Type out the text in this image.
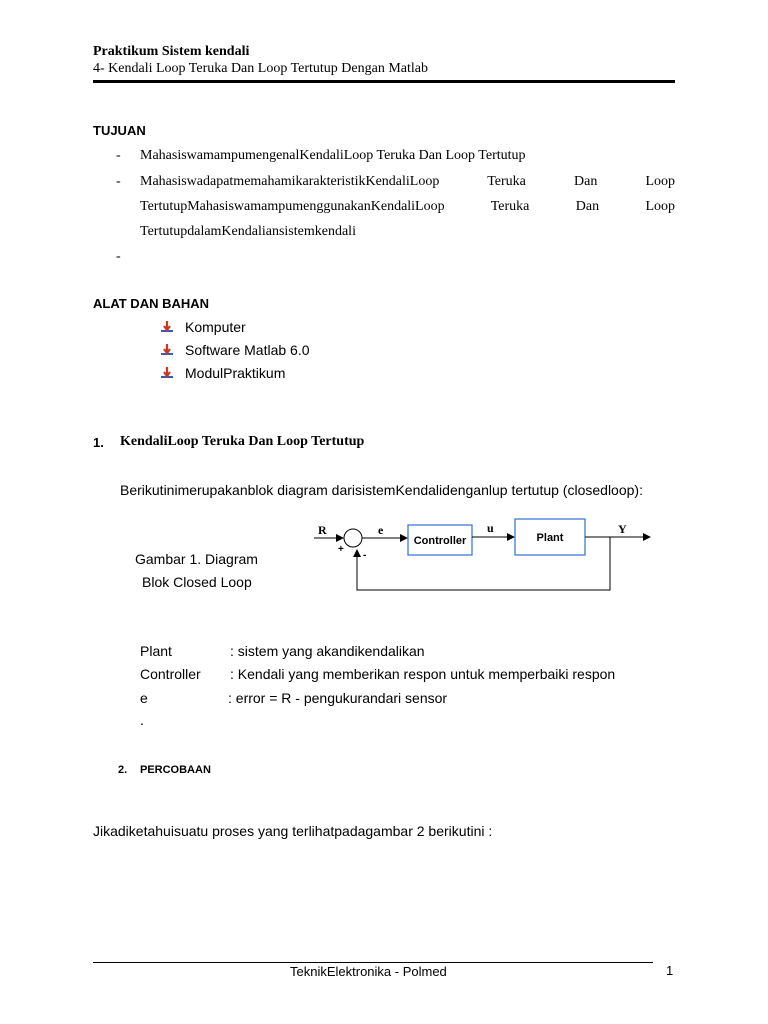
Praktikum Sistem kendali
4- Kendali Loop Teruka Dan Loop Tertutup Dengan Matlab
TUJUAN
- MahasiswamampumengenalKendaliLoop Teruka Dan Loop Tertutup
- MahasiswadapatmemahamikarakteristikKendaliLoop Teruka Dan Loop
TertutupMahasiswamampumenggunakanKendaliLoop Teruka Dan Loop
TertutupdalamKendaliansistemkendali
-
ALAT DAN BAHAN
Komputer
Software Matlab 6.0
ModulPraktikum
1. KendaliLoop Teruka Dan Loop Tertutup
Berikutinimerupakanblok diagram darisistemKendalidenganlup tertutup (closedloop):
Gambar 1. Diagram
Blok Closed Loop
R	e	u	Y
+
-
Controller	Plant
Plant	: sistem yang akandikendalikan
Controller : Kendali yang memberikan respon untuk memperbaiki respon
e	: error = R - pengukurandari sensor
.
2. PERCOBAAN
Jikadiketahuisuatu proses yang terlihatpadagambar 2 berikutini :
TeknikElektronika - Polmed	1
